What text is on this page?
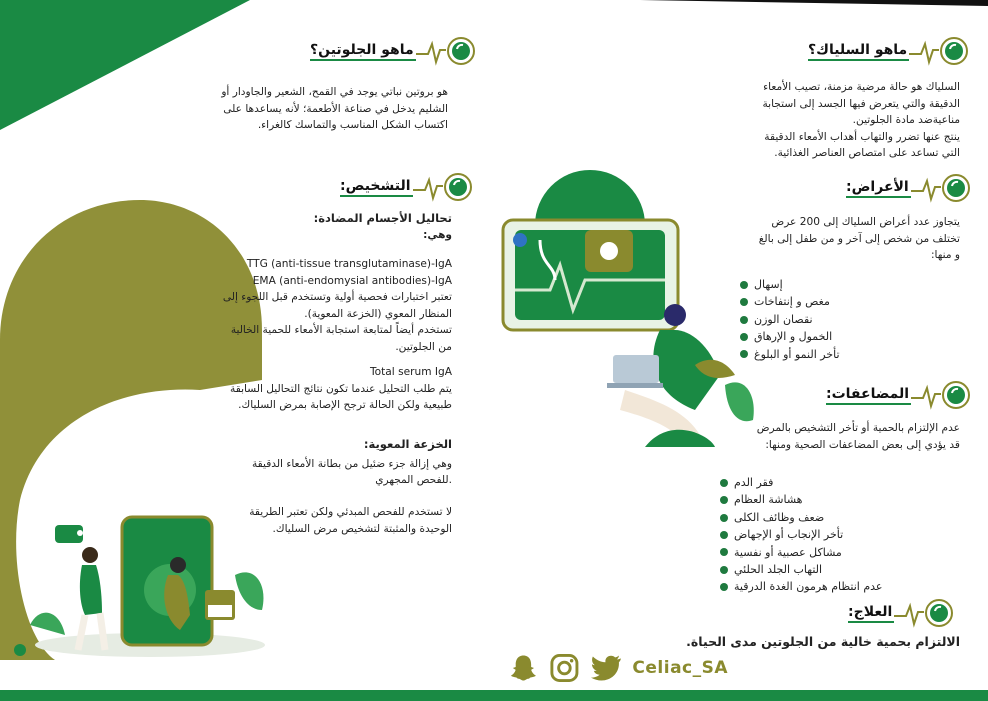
ماهو السلياك؟
السلياك هو حالة مرضية مزمنة، تصيب الأمعاء
الدقيقة والتي يتعرض فيها الجسد إلى استجابة
مناعيةضد مادة الجلوتين.
ينتج عنها تضرر والتهاب أهداب الأمعاء الدقيقة
التي تساعد على امتصاص العناصر الغذائية.
الأعراض:
يتجاوز عدد أعراض السلياك إلى 200 عرض
تختلف من شخص إلى آخر و من طفل إلى بالغ
و منها:
إسهال
مغص و إنتفاخات
نقصان الوزن
الخمول و الإرهاق
تأخر النمو أو البلوغ
المضاعفات:
عدم الإلتزام بالحمية أو تأخر التشخيص بالمرض
قد يؤدي إلى بعض المضاعفات الصحية ومنها:
فقر الدم
هشاشة العظام
ضعف وظائف الكلى
تأخر الإنجاب أو الإجهاض
مشاكل عصبية أو نفسية
التهاب الجلد الحلئي
عدم انتظام هرمون الغدة الدرقية
العلاج:
الالتزام بحمية خالية من الجلوتين مدى الحياة.
Celiac_SA
ماهو الجلوتين؟
هو بروتين نباتي يوجد في القمح، الشعير والجاودار أو
الشليم يدخل في صناعة الأطعمة؛ لأنه يساعدها على
اكتساب الشكل المناسب والتماسك كالغراء.
التشخيص:
تحاليل الأجسام المضادة:
وهي:
TTG (anti-tissue transglutaminase)-IgA
EMA (anti-endomysial antibodies)-IgA
تعتبر اختبارات فحصية أولية وتستخدم قبل اللجوء إلى
المنظار المعوي (الخزعة المعوية).
تستخدم أيضاً لمتابعة استجابة الأمعاء للحمية الخالية
من الجلوتين.
Total serum IgA
يتم طلب التحليل عندما تكون نتائج التحاليل السابقة
طبيعية ولكن الحالة ترجح الإصابة بمرض السلياك.
الخزعة المعوية:
وهي إزالة جزء ضئيل من بطانة الأمعاء الدقيقة
.للفحص المجهري
لا تستخدم للفحص المبدئي ولكن تعتبر الطريقة
الوحيدة والمثبتة لتشخيص مرض السلياك.
